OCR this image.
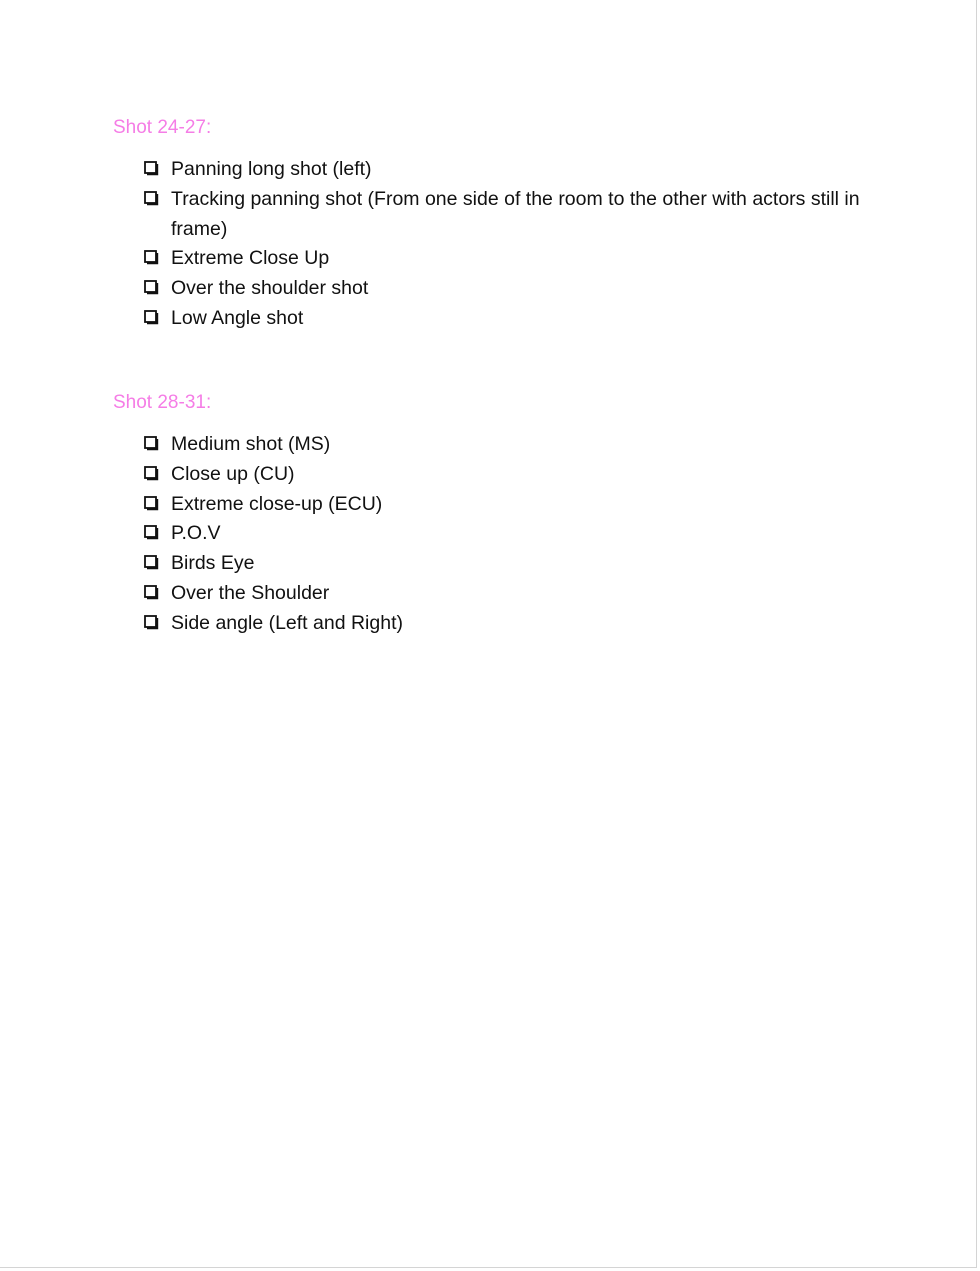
Shot 24-27:
Panning long shot (left)
Tracking panning shot (From one side of the room to the other with actors still in frame)
Extreme Close Up
Over the shoulder shot
Low Angle shot
Shot 28-31:
Medium shot (MS)
Close up (CU)
Extreme close-up (ECU)
P.O.V
Birds Eye
Over the Shoulder
Side angle (Left and Right)
